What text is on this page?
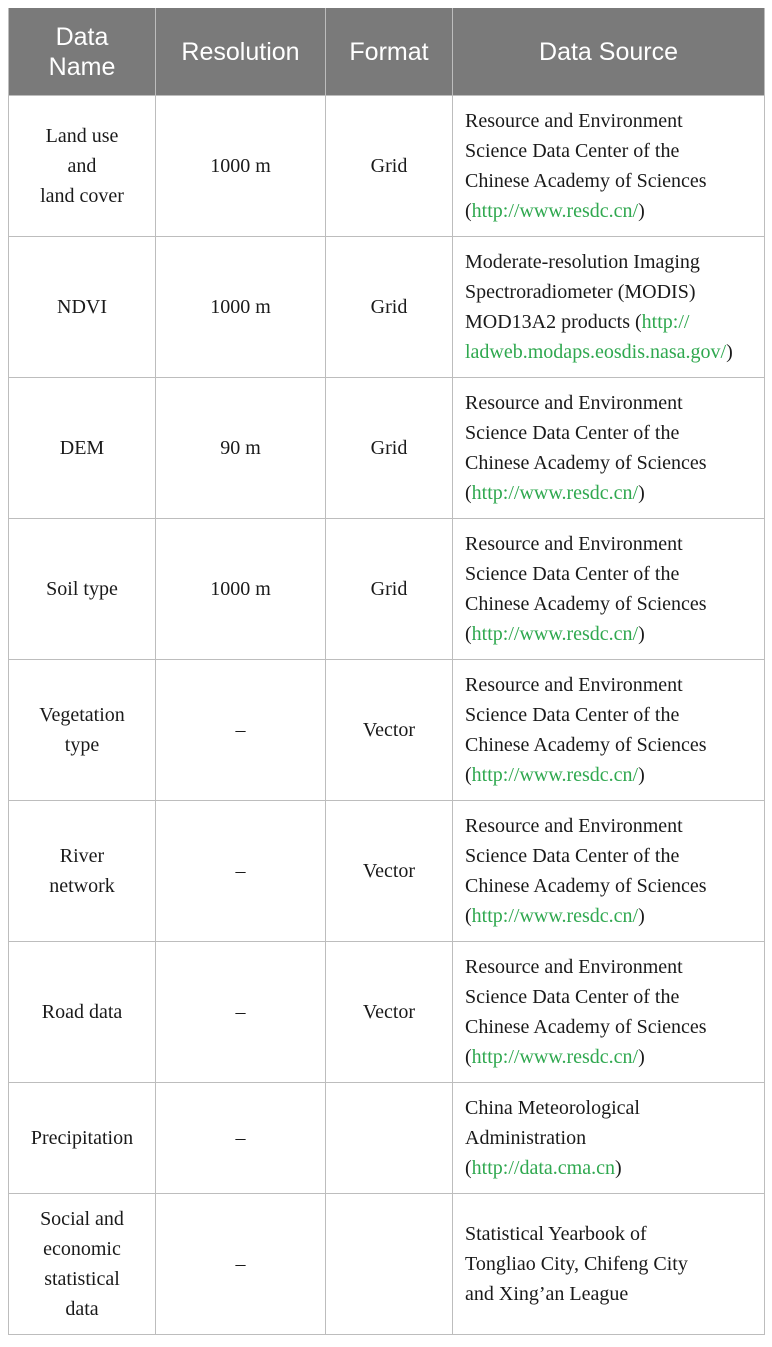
Data
Name	Resolution	Format	Data Source
Land use
and
land cover	1000 m	Grid	Resource and Environment
Science Data Center of the
Chinese Academy of Sciences
(http://www.resdc.cn/)

NDVI	1000 m	Grid	Moderate-resolution Imaging
Spectroradiometer (MODIS)
MOD13A2 products (http://
ladweb.modaps.eosdis.nasa.gov/)

DEM	90 m	Grid	Resource and Environment
Science Data Center of the
Chinese Academy of Sciences
(http://www.resdc.cn/)

Soil type	1000 m	Grid	Resource and Environment
Science Data Center of the
Chinese Academy of Sciences
(http://www.resdc.cn/)

Vegetation
type	–	Vector	Resource and Environment
Science Data Center of the
Chinese Academy of Sciences
(http://www.resdc.cn/)

River
network	–	Vector	Resource and Environment
Science Data Center of the
Chinese Academy of Sciences
(http://www.resdc.cn/)

Road data	–	Vector	Resource and Environment
Science Data Center of the
Chinese Academy of Sciences
(http://www.resdc.cn/)

Precipitation	–		China Meteorological
Administration
(http://data.cma.cn)

Social and
economic
statistical
data	–		Statistical Yearbook of
Tongliao City, Chifeng City
and Xing’an League
